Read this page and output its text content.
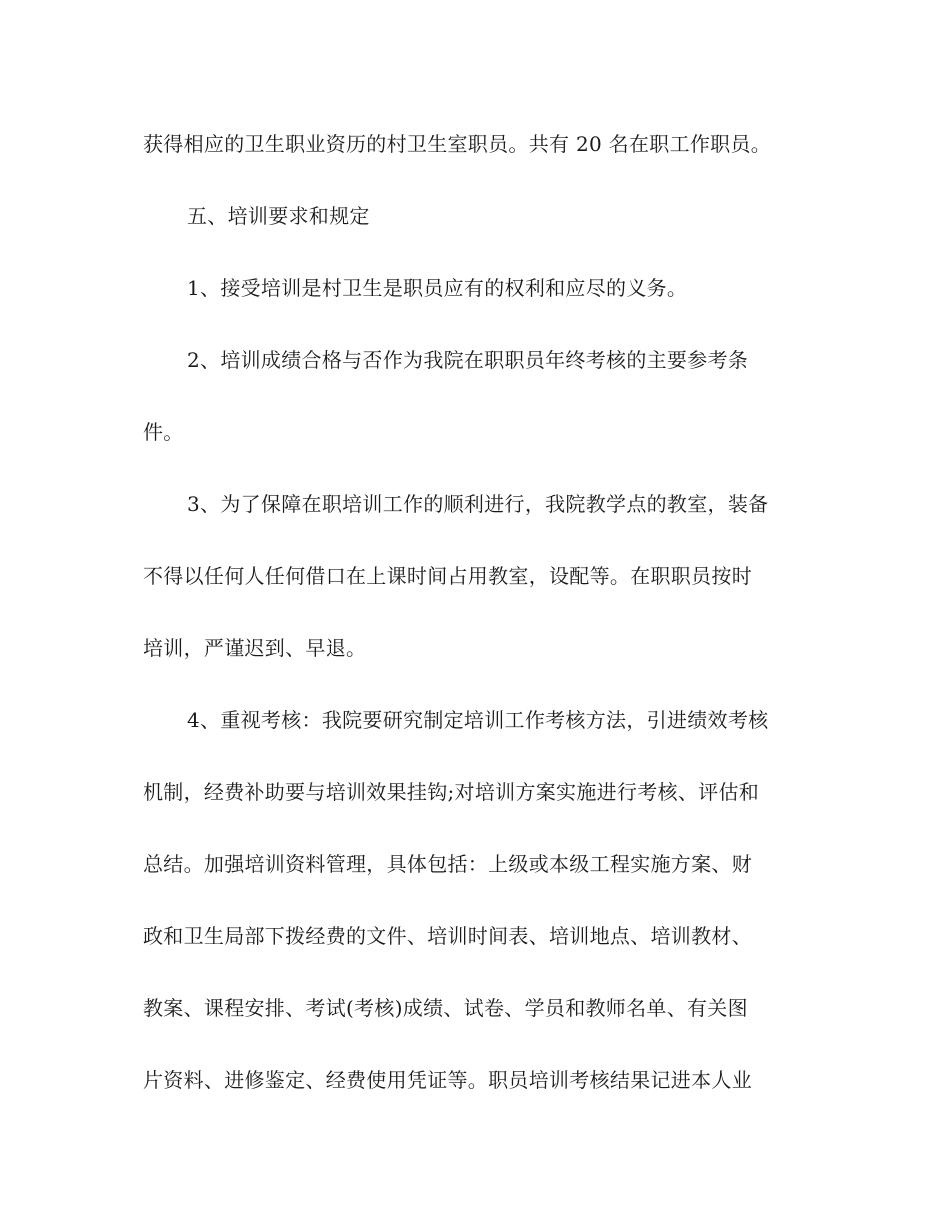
获得相应的卫生职业资历的村卫生室职员。共有 20 名在职工作职员。
五、培训要求和规定
1、接受培训是村卫生是职员应有的权利和应尽的义务。
2、培训成绩合格与否作为我院在职职员年终考核的主要参考条
件。
3、为了保障在职培训工作的顺利进行，我院教学点的教室，装备
不得以任何人任何借口在上课时间占用教室，设配等。在职职员按时
培训，严谨迟到、早退。
4、重视考核：我院要研究制定培训工作考核方法，引进绩效考核
机制，经费补助要与培训效果挂钩;对培训方案实施进行考核、评估和
总结。加强培训资料管理，具体包括：上级或本级工程实施方案、财
政和卫生局部下拨经费的文件、培训时间表、培训地点、培训教材、
教案、课程安排、考试(考核)成绩、试卷、学员和教师名单、有关图
片资料、进修鉴定、经费使用凭证等。职员培训考核结果记进本人业
